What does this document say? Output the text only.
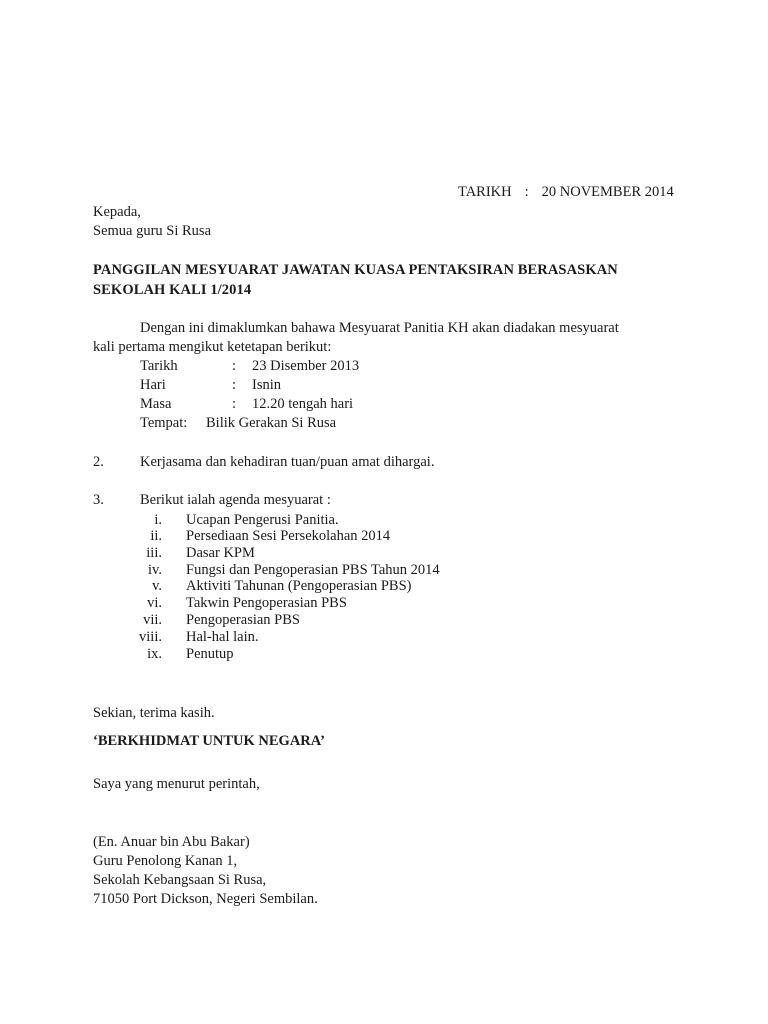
TARIKH : 20 NOVEMBER 2014
Kepada,
Semua guru Si Rusa
PANGGILAN MESYUARAT JAWATAN KUASA PENTAKSIRAN BERASASKAN
SEKOLAH KALI 1/2014
Dengan ini dimaklumkan bahawa Mesyuarat Panitia KH akan diadakan mesyuarat
kali pertama mengikut ketetapan berikut:
Tarikh	: 23 Disember 2013
Hari	: Isnin
Masa	: 12.20 tengah hari
Tempat: Bilik Gerakan Si Rusa
2. Kerjasama dan kehadiran tuan/puan amat dihargai.
3. Berikut ialah agenda mesyuarat :
i. Ucapan Pengerusi Panitia.
ii. Persediaan Sesi Persekolahan 2014
iii. Dasar KPM
iv. Fungsi dan Pengoperasian PBS Tahun 2014
v. Aktiviti Tahunan (Pengoperasian PBS)
vi. Takwin Pengoperasian PBS
vii. Pengoperasian PBS
viii. Hal-hal lain.
ix. Penutup
Sekian, terima kasih.
‘BERKHIDMAT UNTUK NEGARA’
Saya yang menurut perintah,
(En. Anuar bin Abu Bakar)
Guru Penolong Kanan 1,
Sekolah Kebangsaan Si Rusa,
71050 Port Dickson, Negeri Sembilan.
